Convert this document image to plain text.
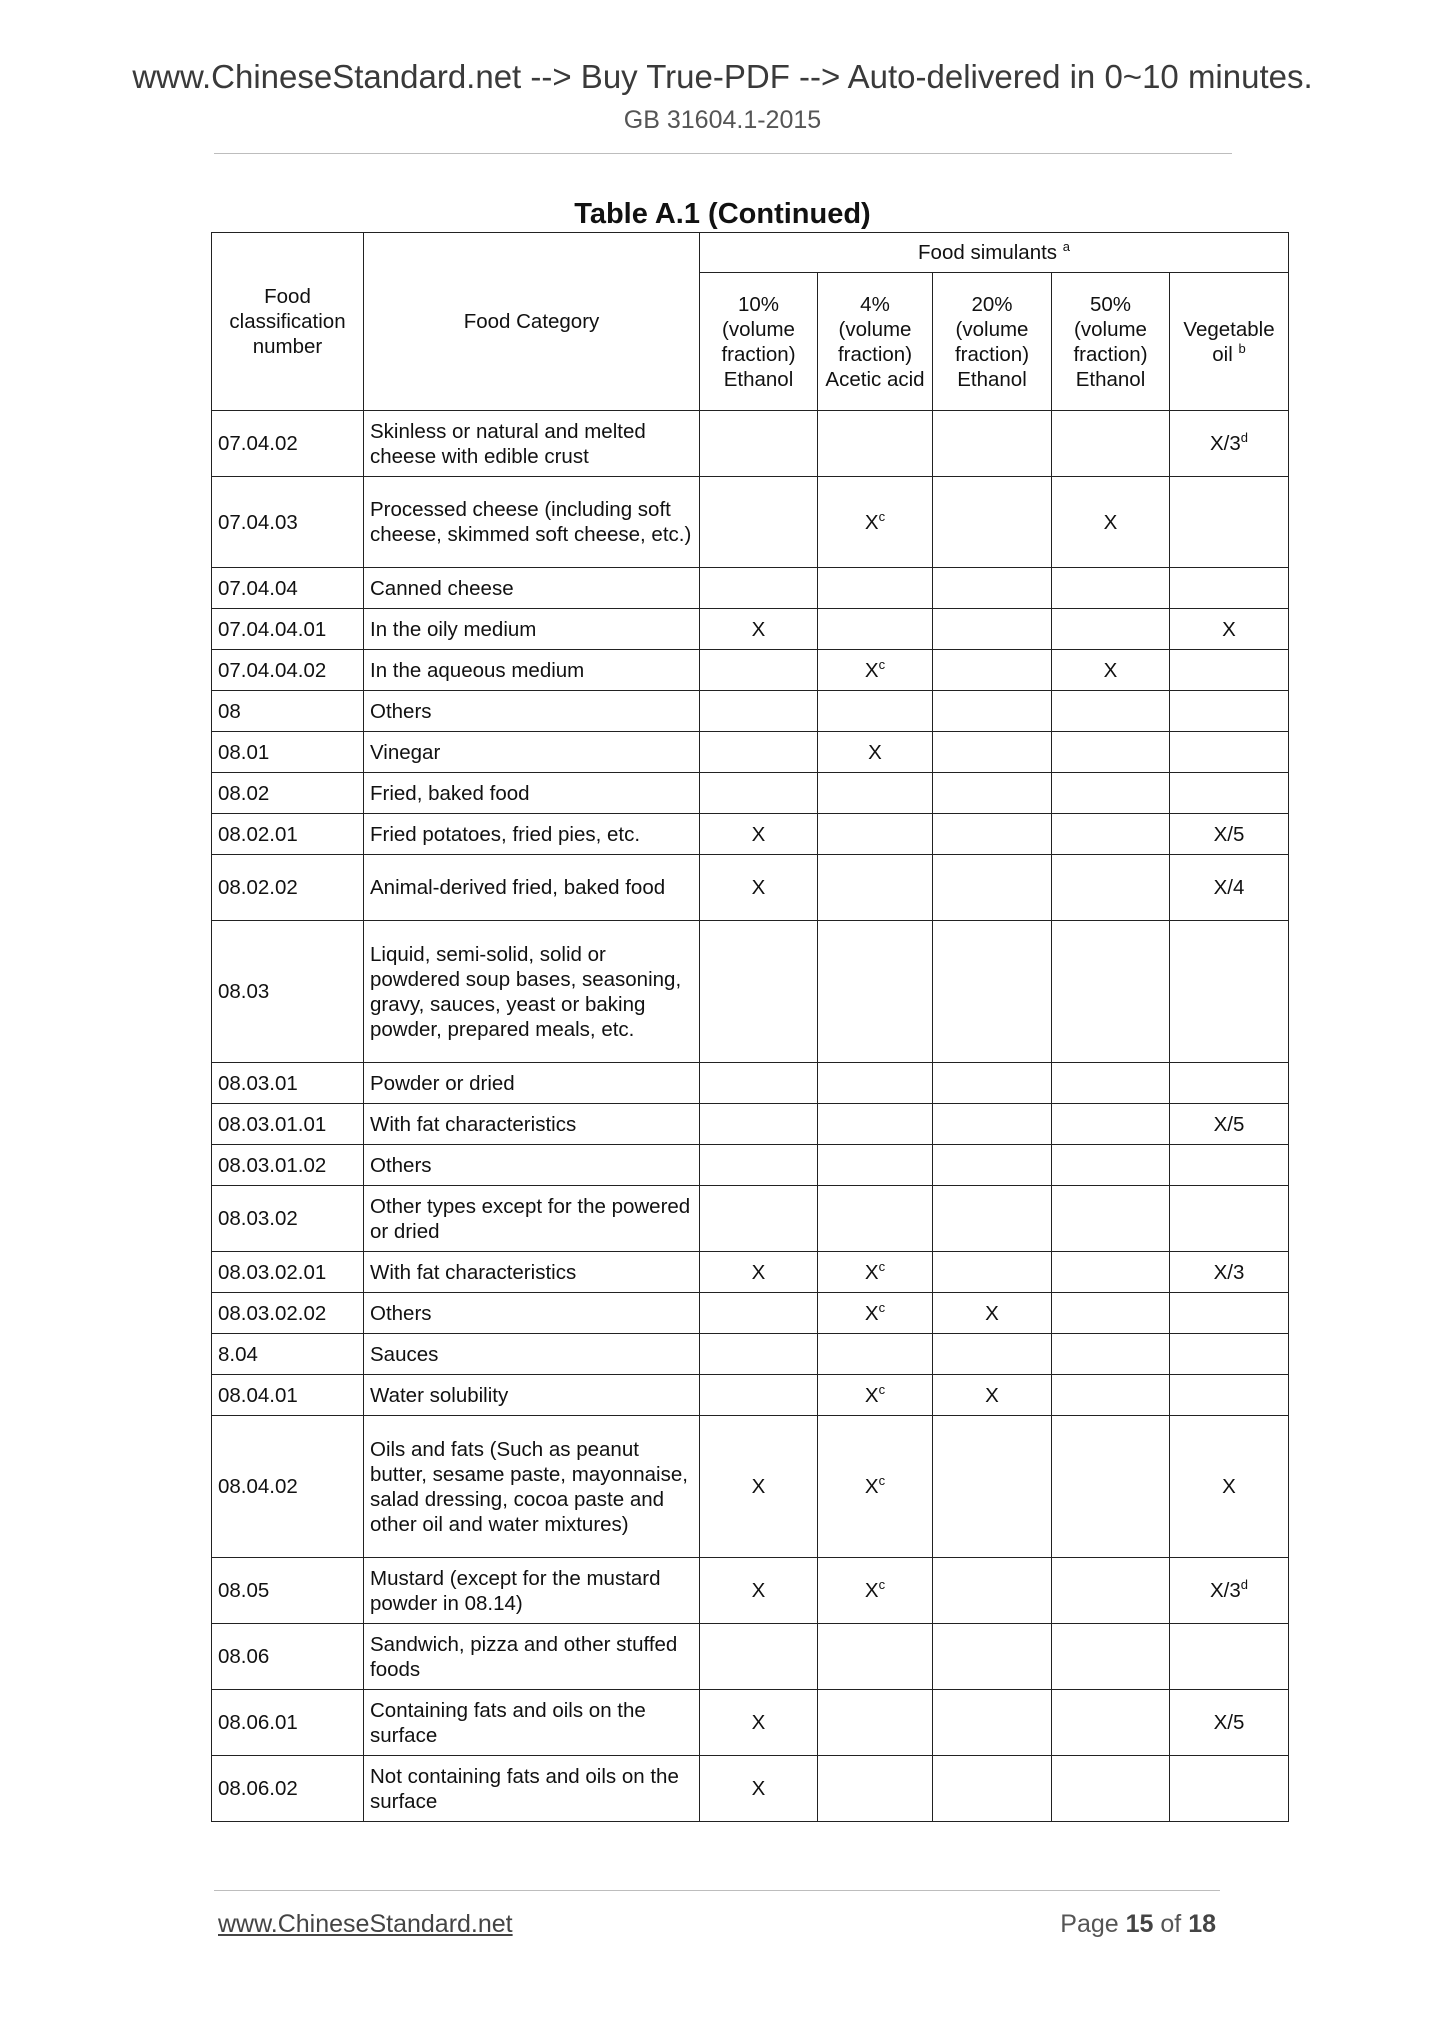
www.ChineseStandard.net --> Buy True-PDF --> Auto-delivered in 0~10 minutes.
GB 31604.1-2015
Table A.1 (Continued)
Food classification number	Food Category	Food simulants $^a$
		10% (volume fraction) Ethanol	4% (volume fraction) Acetic acid	20% (volume fraction) Ethanol	50% (volume fraction) Ethanol	Vegetable oil $^b$
07.04.02	Skinless or natural and melted cheese with edible crust					X/3$^d$
07.04.03	Processed cheese (including soft cheese, skimmed soft cheese, etc.)		$X^c$		X	
07.04.04	Canned cheese					
07.04.04.01	In the oily medium	X				X
07.04.04.02	In the aqueous medium		$X^c$		X	
08	Others					
08.01	Vinegar		X			
08.02	Fried, baked food					
08.02.01	Fried potatoes, fried pies, etc.	X				X/5
08.02.02	Animal-derived fried, baked food	X				X/4
08.03	Liquid, semi-solid, solid or powdered soup bases, seasoning, gravy, sauces, yeast or baking powder, prepared meals, etc.					
08.03.01	Powder or dried					
08.03.01.01	With fat characteristics					X/5
08.03.01.02	Others					
08.03.02	Other types except for the powered or dried					
08.03.02.01	With fat characteristics	X	$X^c$			X/3
08.03.02.02	Others		$X^c$	X		
8.04	Sauces					
08.04.01	Water solubility		$X^c$	X		
08.04.02	Oils and fats (Such as peanut butter, sesame paste, mayonnaise, salad dressing, cocoa paste and other oil and water mixtures)	X	$X^c$			X
08.05	Mustard (except for the mustard powder in 08.14)	X	$X^c$			X/3$^d$
08.06	Sandwich, pizza and other stuffed foods					
08.06.01	Containing fats and oils on the surface	X				X/5
08.06.02	Not containing fats and oils on the surface	X				
www.ChineseStandard.net	Page 15 of 18
